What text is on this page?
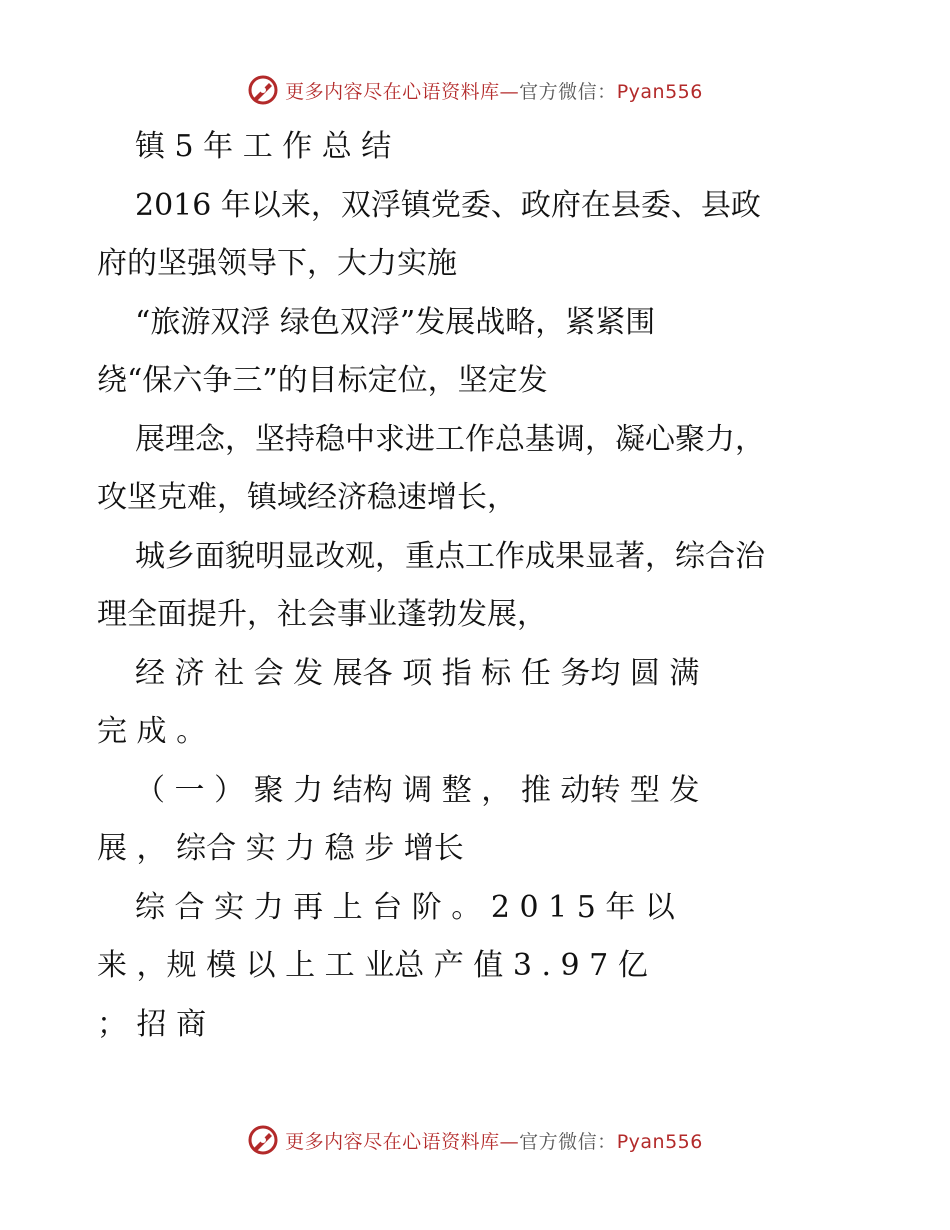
更多内容尽在心语资料库—官方微信：Pyan556
镇 5 年 工 作 总 结
2016 年以来，双浮镇党委、政府在县委、县政
府的坚强领导下，大力实施
“旅游双浮 绿色双浮”发展战略，紧紧围
绕“保六争三”的目标定位，坚定发
展理念，坚持稳中求进工作总基调，凝心聚力，
攻坚克难，镇域经济稳速增长，
城乡面貌明显改观，重点工作成果显著，综合治
理全面提升，社会事业蓬勃发展，
经 济 社 会 发 展各 项 指 标 任 务均 圆 满
完 成 。
（ 一 ） 聚 力 结构 调 整 ， 推 动转 型 发
展 ， 综合 实 力 稳 步 增长
综 合 实 力 再 上 台 阶 。 2 0 1 5 年 以
来 ，规 模 以 上 工 业总 产 值 3 . 9 7 亿
； 招 商
更多内容尽在心语资料库—官方微信：Pyan556
